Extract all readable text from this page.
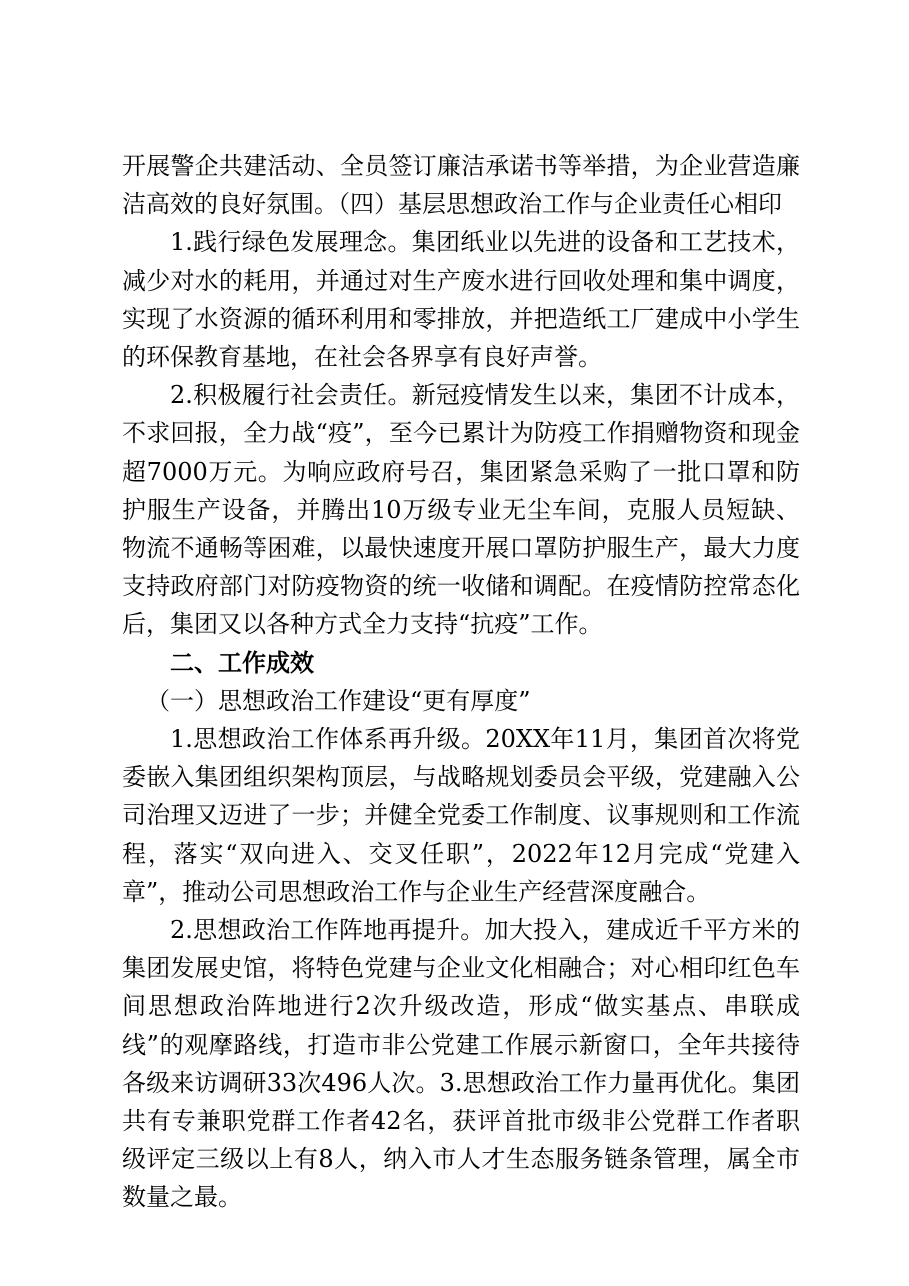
开展警企共建活动、全员签订廉洁承诺书等举措，为企业营造廉洁高效的良好氛围。（四）基层思想政治工作与企业责任心相印

1.践行绿色发展理念。集团纸业以先进的设备和工艺技术，减少对水的耗用，并通过对生产废水进行回收处理和集中调度，实现了水资源的循环利用和零排放，并把造纸工厂建成中小学生的环保教育基地，在社会各界享有良好声誉。

2.积极履行社会责任。新冠疫情发生以来，集团不计成本，不求回报，全力战“疫”，至今已累计为防疫工作捐赠物资和现金超7000万元。为响应政府号召，集团紧急采购了一批口罩和防护服生产设备，并腾出10万级专业无尘车间，克服人员短缺、物流不通畅等困难，以最快速度开展口罩防护服生产，最大力度支持政府部门对防疫物资的统一收储和调配。在疫情防控常态化后，集团又以各种方式全力支持“抗疫”工作。

二、工作成效

（一）思想政治工作建设“更有厚度”

1.思想政治工作体系再升级。20XX年11月，集团首次将党委嵌入集团组织架构顶层，与战略规划委员会平级，党建融入公司治理又迈进了一步；并健全党委工作制度、议事规则和工作流程，落实“双向进入、交叉任职”，2022年12月完成“党建入章”，推动公司思想政治工作与企业生产经营深度融合。

2.思想政治工作阵地再提升。加大投入，建成近千平方米的集团发展史馆，将特色党建与企业文化相融合；对心相印红色车间思想政治阵地进行2次升级改造，形成“做实基点、串联成线”的观摩路线，打造市非公党建工作展示新窗口，全年共接待各级来访调研33次496人次。3.思想政治工作力量再优化。集团共有专兼职党群工作者42名，获评首批市级非公党群工作者职级评定三级以上有8人，纳入市人才生态服务链条管理，属全市数量之最。
